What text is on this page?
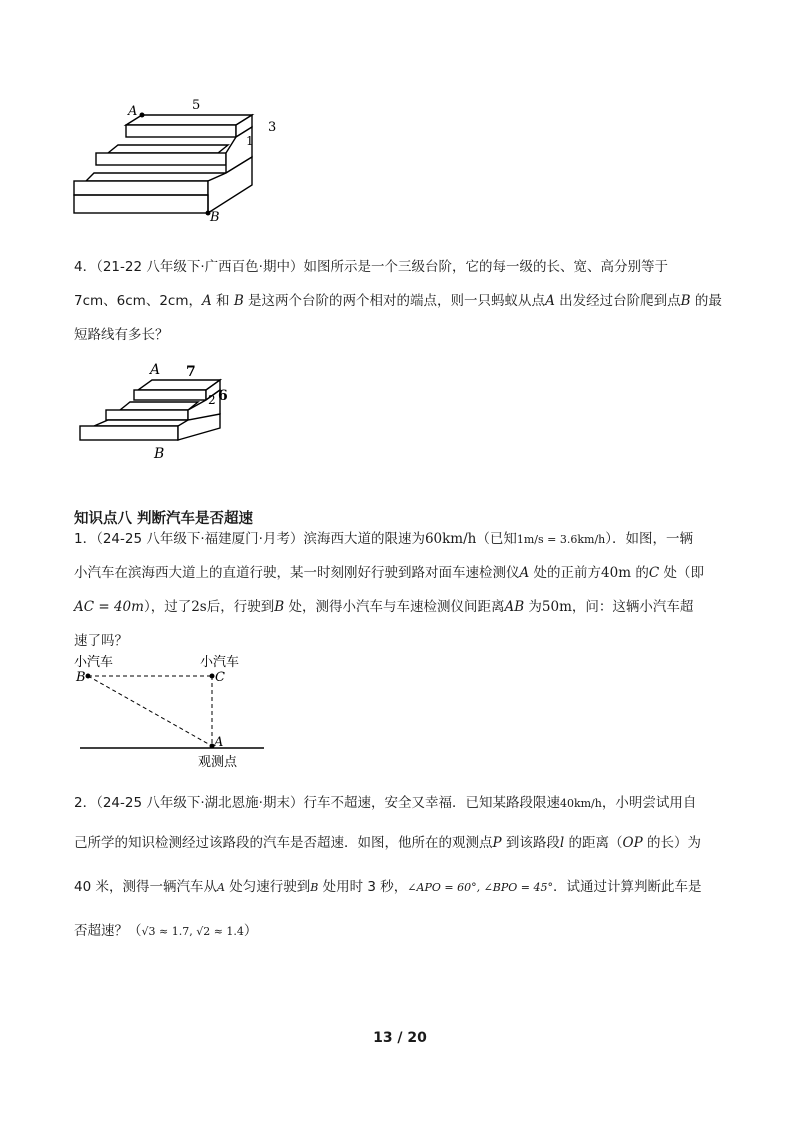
A
B
5
3
1
4．（21-22 八年级下·广西百色·期中）如图所示是一个三级台阶，它的每一级的长、宽、高分别等于
7cm、6cm、2cm，A 和 B 是这两个台阶的两个相对的端点，则一只蚂蚁从点A 出发经过台阶爬到点B 的最
短路线有多长？
A
B
7
6
2
知识点八 判断汽车是否超速
1．（24-25 八年级下·福建厦门·月考）滨海西大道的限速为60km/h（已知1m/s = 3.6km/h）．如图，一辆
小汽车在滨海西大道上的直道行驶，某一时刻刚好行驶到路对面车速检测仪A 处的正前方40m 的C 处（即
AC = 40m），过了2s后，行驶到B 处，测得小汽车与车速检测仪间距离AB 为50m，问：这辆小汽车超
速了吗？
小汽车	小汽车
B	C
A
观测点
2．（24-25 八年级下·湖北恩施·期末）行车不超速，安全又幸福．已知某路段限速40km/h，小明尝试用自
己所学的知识检测经过该路段的汽车是否超速．如图，他所在的观测点P 到该路段l 的距离（OP 的长）为
40 米，测得一辆汽车从A 处匀速行驶到B 处用时 3 秒，∠APO = 60°, ∠BPO = 45°．试通过计算判断此车是
否超速？（√3 ≈ 1.7, √2 ≈ 1.4）
13 / 20
